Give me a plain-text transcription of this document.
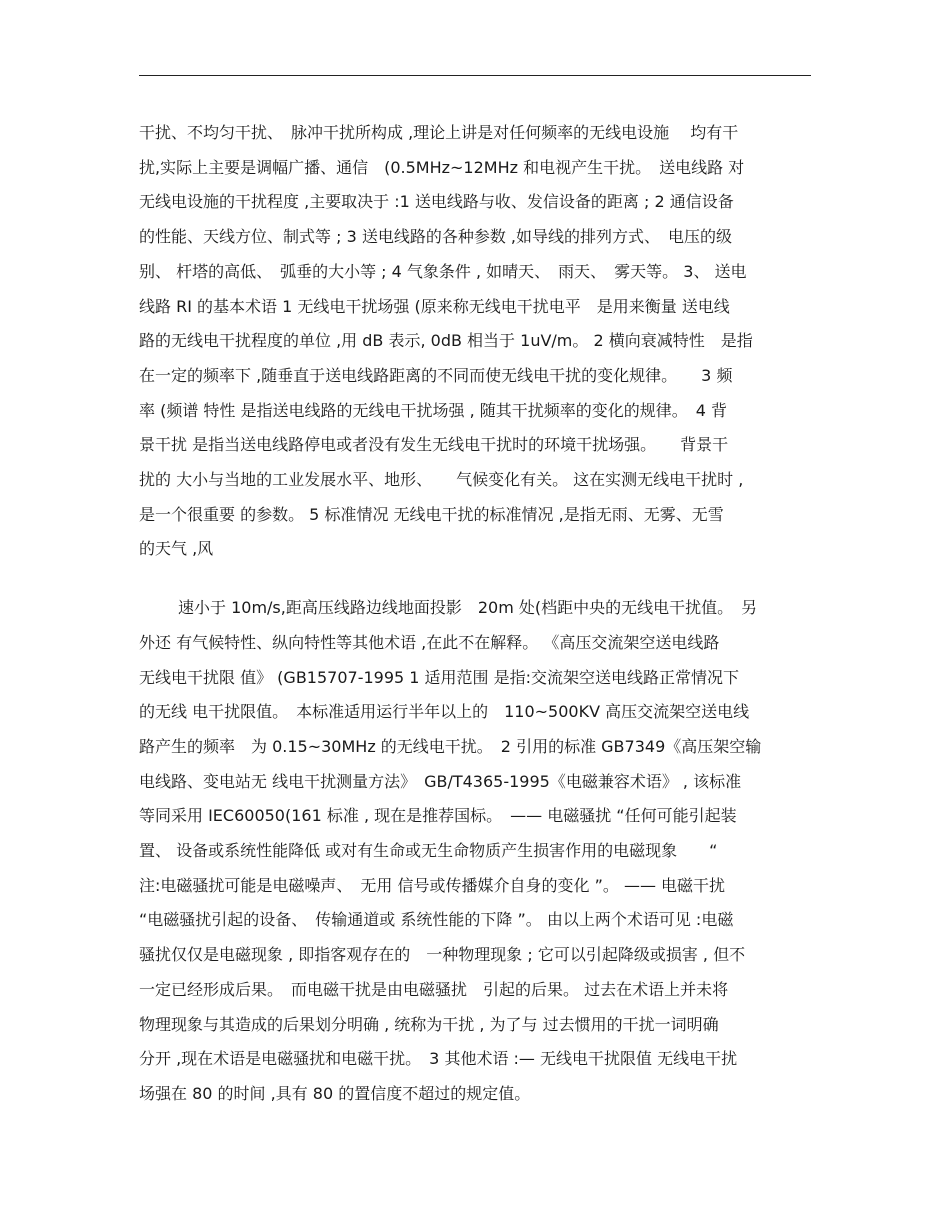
干扰、不均匀干扰、　脉冲干扰所构成 ,理论上讲是对任何频率的无线电设施　 均有干
扰,实际上主要是调幅广播、通信　(0.5MHz~12MHz 和电视产生干扰。　送电线路 对
无线电设施的干扰程度 ,主要取决于 :1 送电线路与收、发信设备的距离 ; 2 通信设备
的性能、天线方位、制式等 ; 3 送电线路的各种参数 ,如导线的排列方式、　电压的级
别、 杆塔的高低、　弧垂的大小等 ; 4 气象条件 , 如晴天、　雨天、　雾天等。 3、 送电
线路 RI 的基本术语 1 无线电干扰场强 (原来称无线电干扰电平　是用来衡量 送电线
路的无线电干扰程度的单位 ,用 dB 表示, 0dB 相当于 1uV/m。 2 横向衰减特性　是指
在一定的频率下 ,随垂直于送电线路距离的不同而使无线电干扰的变化规律。　　3 频
率 (频谱 特性 是指送电线路的无线电干扰场强 , 随其干扰频率的变化的规律。　4 背
景干扰 是指当送电线路停电或者没有发生无线电干扰时的环境干扰场强。　　背景干
扰的 大小与当地的工业发展水平、地形、　　气候变化有关。 这在实测无线电干扰时 ,
是一个很重要 的参数。 5 标准情况 无线电干扰的标准情况 ,是指无雨、无雾、无雪
的天气 ,风
速小于 10m/s,距高压线路边线地面投影　20m 处(档距中央的无线电干扰值。　另
外还 有气候特性、纵向特性等其他术语 ,在此不在解释。 《高压交流架空送电线路
无线电干扰限 值》 (GB15707-1995 1 适用范围 是指:交流架空送电线路正常情况下
的无线 电干扰限值。　本标准适用运行半年以上的　110~500KV 高压交流架空送电线
路产生的频率　为 0.15~30MHz 的无线电干扰。　2 引用的标准 GB7349《高压架空输
电线路、变电站无 线电干扰测量方法》　GB/T4365-1995《电磁兼容术语》 , 该标准
等同采用 IEC60050(161 标准 , 现在是推荐国标。　—— 电磁骚扰 “任何可能引起装
置、 设备或系统性能降低 或对有生命或无生命物质产生损害作用的电磁现象　　“
注:电磁骚扰可能是电磁噪声、　无用 信号或传播媒介自身的变化 ”。 —— 电磁干扰
“电磁骚扰引起的设备、　传输通道或 系统性能的下降 ”。 由以上两个术语可见 :电磁
骚扰仅仅是电磁现象 , 即指客观存在的　一种物理现象 ; 它可以引起降级或损害 , 但不
一定已经形成后果。　而电磁干扰是由电磁骚扰　引起的后果。 过去在术语上并未将
物理现象与其造成的后果划分明确 , 统称为干扰 , 为了与 过去惯用的干扰一词明确
分开 ,现在术语是电磁骚扰和电磁干扰。　3 其他术语 :— 无线电干扰限值 无线电干扰
场强在 80 的时间 ,具有 80 的置信度不超过的规定值。
